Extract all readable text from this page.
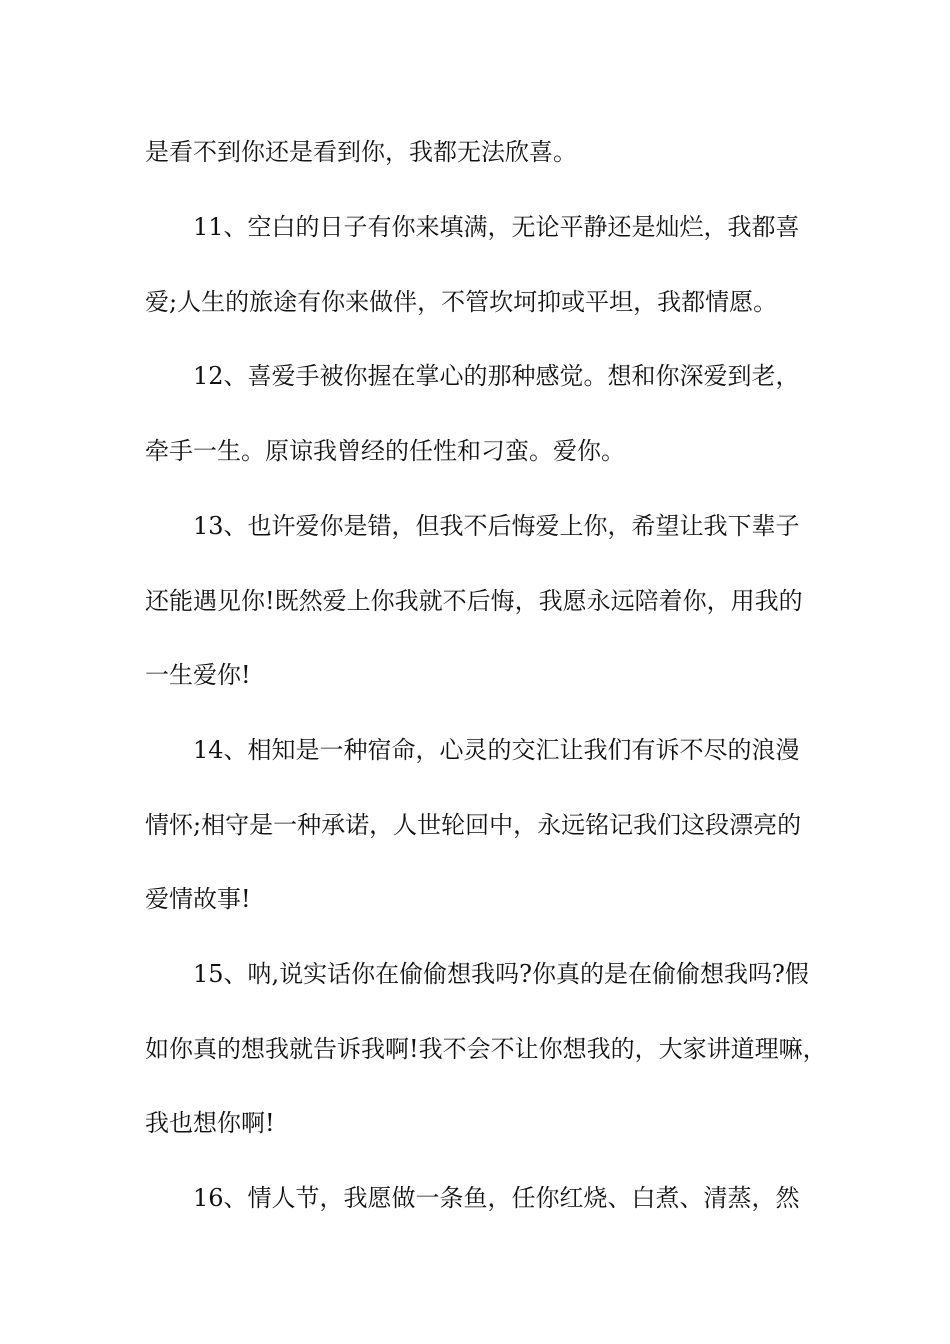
是看不到你还是看到你，我都无法欣喜。
11、空白的日子有你来填满，无论平静还是灿烂，我都喜
爱;人生的旅途有你来做伴，不管坎坷抑或平坦，我都情愿。
12、喜爱手被你握在掌心的那种感觉。想和你深爱到老，
牵手一生。原谅我曾经的任性和刁蛮。爱你。
13、也许爱你是错，但我不后悔爱上你，希望让我下辈子
还能遇见你!既然爱上你我就不后悔，我愿永远陪着你，用我的
一生爱你!
14、相知是一种宿命，心灵的交汇让我们有诉不尽的浪漫
情怀;相守是一种承诺，人世轮回中，永远铭记我们这段漂亮的
爱情故事!
15、呐,说实话你在偷偷想我吗?你真的是在偷偷想我吗?假
如你真的想我就告诉我啊!我不会不让你想我的，大家讲道理嘛，
我也想你啊!
16、情人节，我愿做一条鱼，任你红烧、白煮、清蒸，然
